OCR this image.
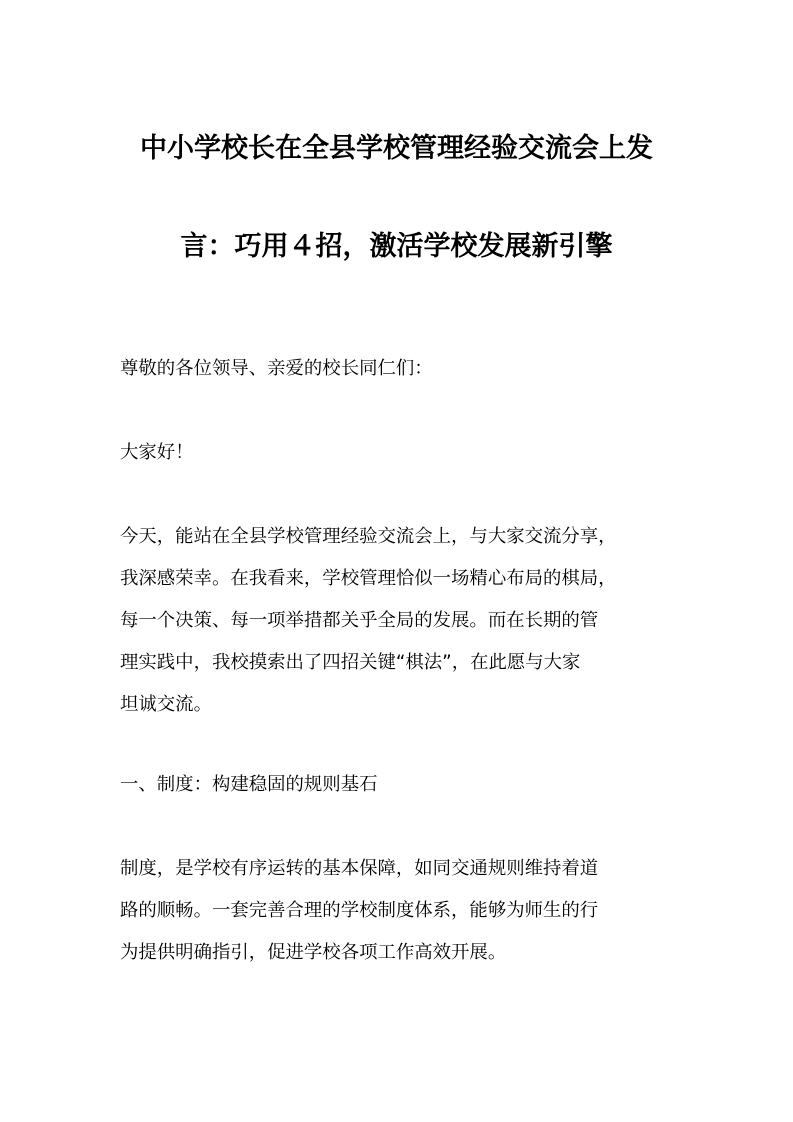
中小学校长在全县学校管理经验交流会上发
言：巧用４招，激活学校发展新引擎
尊敬的各位领导、亲爱的校长同仁们：
大家好！
今天，能站在全县学校管理经验交流会上，与大家交流分享，
我深感荣幸。在我看来，学校管理恰似一场精心布局的棋局，
每一个决策、每一项举措都关乎全局的发展。而在长期的管
理实践中，我校摸索出了四招关键“棋法”，在此愿与大家
坦诚交流。
一、制度：构建稳固的规则基石
制度，是学校有序运转的基本保障，如同交通规则维持着道
路的顺畅。一套完善合理的学校制度体系，能够为师生的行
为提供明确指引，促进学校各项工作高效开展。
